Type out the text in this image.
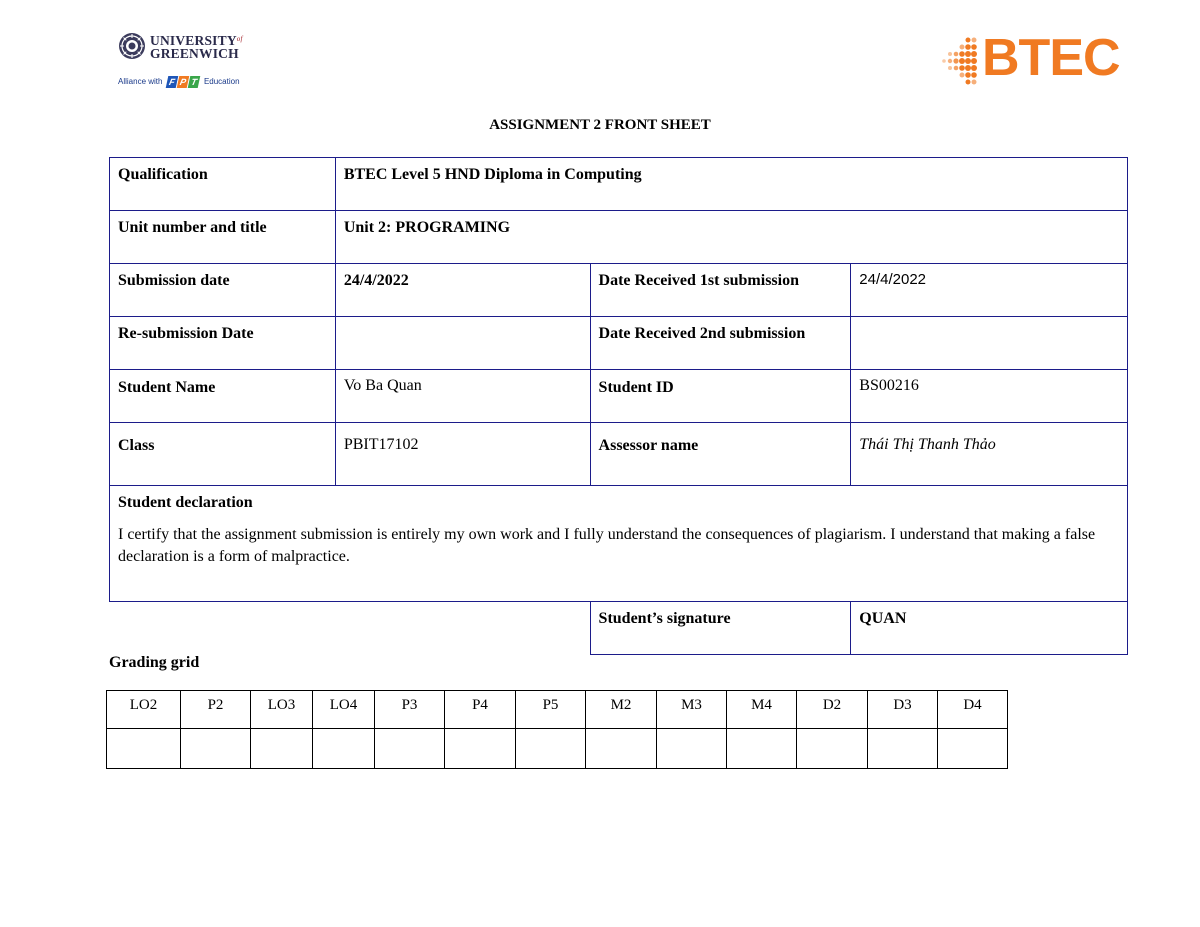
$UNIVERSITY^{of}$
GREENWICH
Alliance with F P T Education	BTEC
ASSIGNMENT 2 FRONT SHEET
Qualification	BTEC Level 5 HND Diploma in Computing		

Unit number and title	Unit 2: PROGRAMING		

Submission date	24/4/2022	Date Received 1st submission	24/4/2022

Re-submission Date		Date Received 2nd submission	

Student Name	Vo Ba Quan	Student ID	BS00216

Class	PBIT17102	Assessor name	Thái Thị Thanh Thảo

Student declaration
I certify that the assignment submission is entirely my own work and I fully understand the consequences of plagiarism. I understand that making a false declaration is a form of malpractice.			

		Student’s signature	QUAN
Grading grid
LO2	P2	LO3	LO4	P3	P4	P5	M2	M3	M4	D2	D3	D4
